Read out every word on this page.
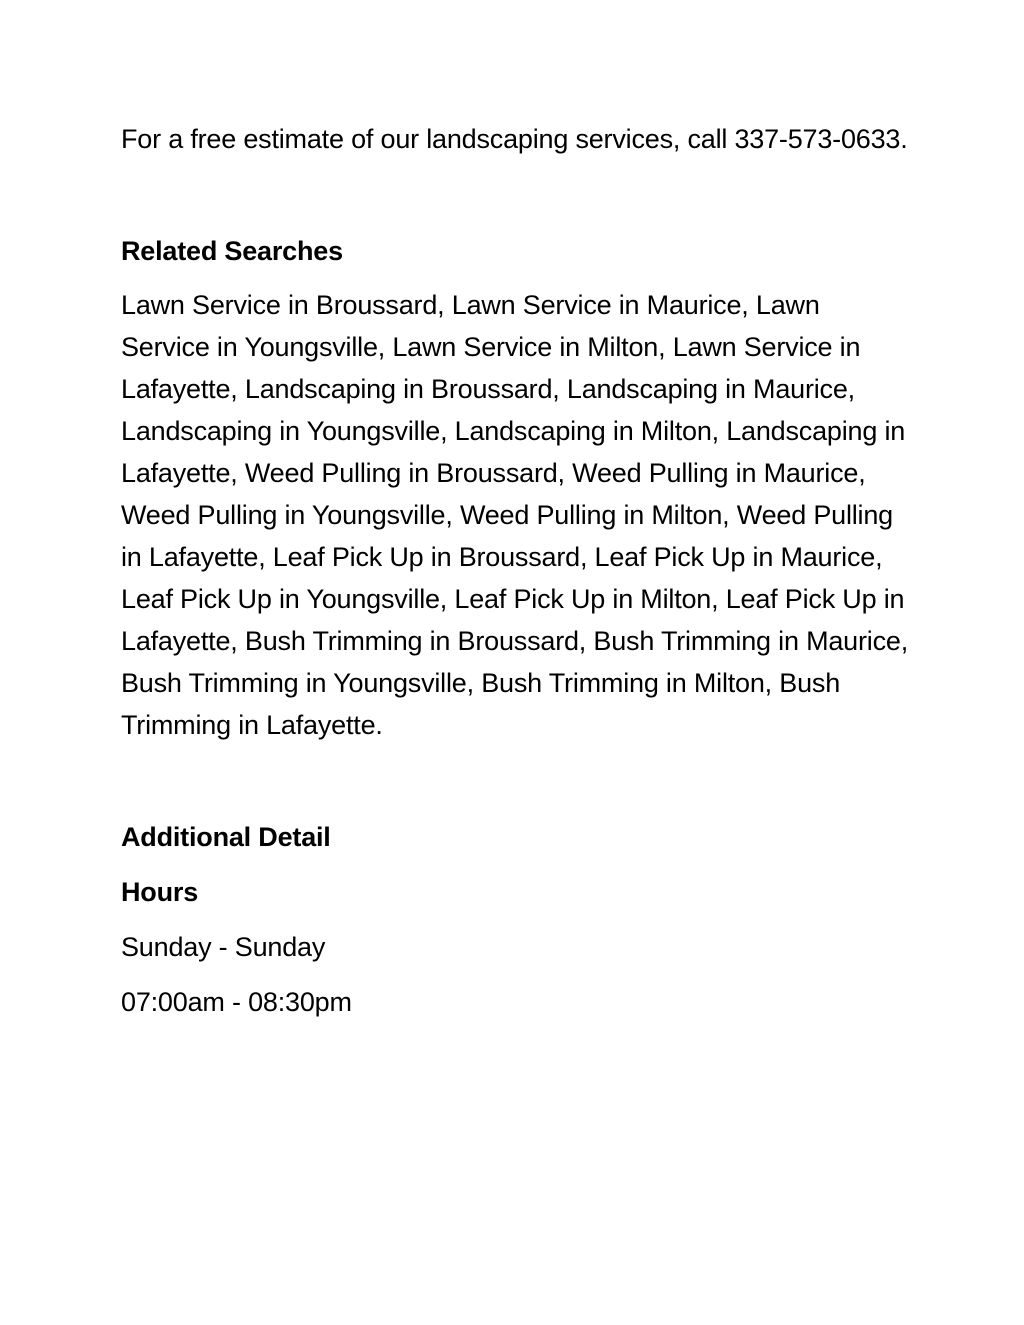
For a free estimate of our landscaping services, call 337-573-0633.

Related Searches

Lawn Service in Broussard, Lawn Service in Maurice, Lawn Service in Youngsville, Lawn Service in Milton, Lawn Service in Lafayette, Landscaping in Broussard, Landscaping in Maurice, Landscaping in Youngsville, Landscaping in Milton, Landscaping in Lafayette, Weed Pulling in Broussard, Weed Pulling in Maurice, Weed Pulling in Youngsville, Weed Pulling in Milton, Weed Pulling in Lafayette, Leaf Pick Up in Broussard, Leaf Pick Up in Maurice, Leaf Pick Up in Youngsville, Leaf Pick Up in Milton, Leaf Pick Up in Lafayette, Bush Trimming in Broussard, Bush Trimming in Maurice, Bush Trimming in Youngsville, Bush Trimming in Milton, Bush Trimming in Lafayette.

Additional Detail
Hours

Sunday - Sunday

07:00am - 08:30pm
